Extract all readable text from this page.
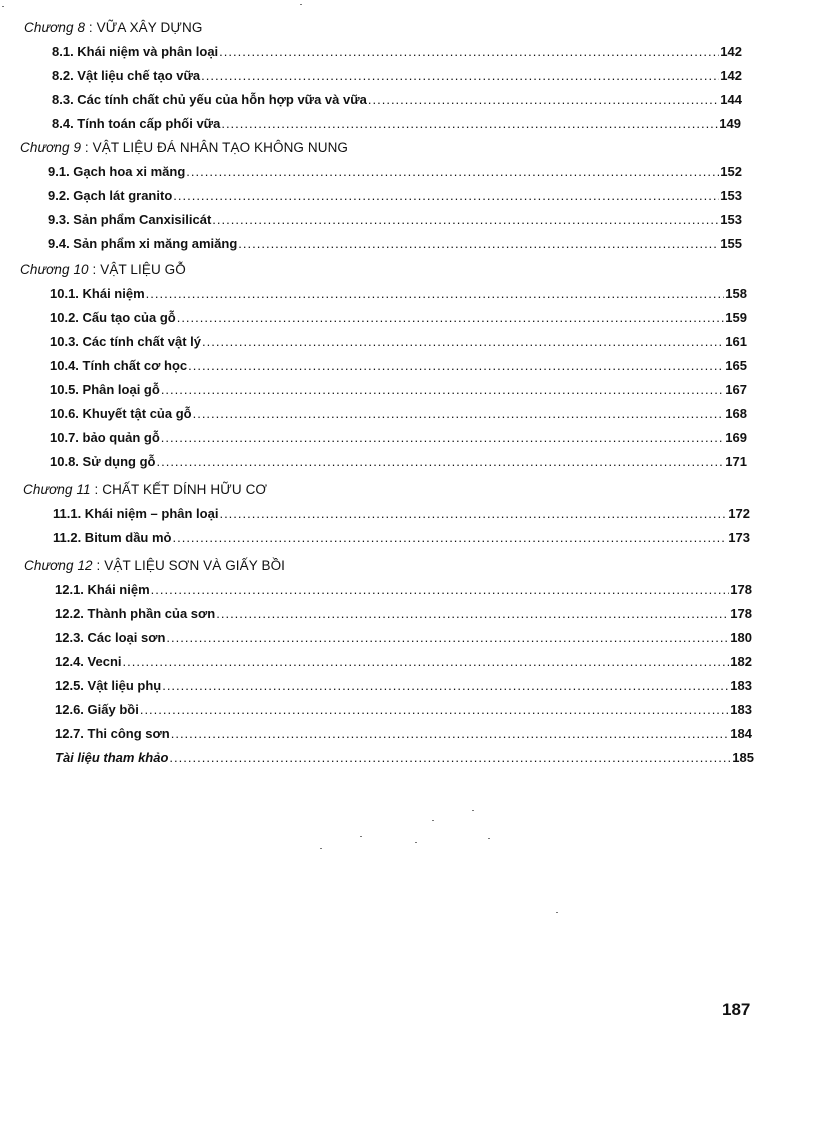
Chương 8 : VỮA XÂY DỰNG
8.1. Khái niệm và phân loại .....	142
8.2. Vật liệu chế tạo vữa .....	142
8.3. Các tính chất chủ yếu của hỗn hợp vữa và vữa .....	144
8.4. Tính toán cấp phối vữa .....	149
Chương 9 : VẬT LIỆU ĐÁ NHÂN TẠO KHÔNG NUNG
9.1. Gạch hoa xi măng .....	152
9.2. Gạch lát granito .....	153
9.3. Sản phẩm Canxisilicát .....	153
9.4. Sản phẩm xi măng amiăng .....	155
Chương 10 : VẬT LIỆU GỖ
10.1. Khái niệm .....	158
10.2. Cấu tạo của gỗ .....	159
10.3. Các tính chất vật lý .....	161
10.4. Tính chất cơ học .....	165
10.5. Phân loại gỗ .....	167
10.6. Khuyết tật của gỗ .....	168
10.7. bảo quản gỗ .....	169
10.8. Sử dụng gỗ .....	171
Chương 11 : CHẤT KẾT DÍNH HỮU CƠ
11.1. Khái niệm – phân loại .....	172
11.2. Bitum dầu mỏ .....	173
Chương 12 : VẬT LIỆU SƠN VÀ GIẤY BỒI
12.1. Khái niệm .....	178
12.2. Thành phần của sơn .....	178
12.3. Các loại sơn .....	180
12.4. Vecni .....	182
12.5. Vật liệu phụ .....	183
12.6. Giấy bồi .....	183
12.7. Thi công sơn .....	184
Tài liệu tham khảo .....	185
187
